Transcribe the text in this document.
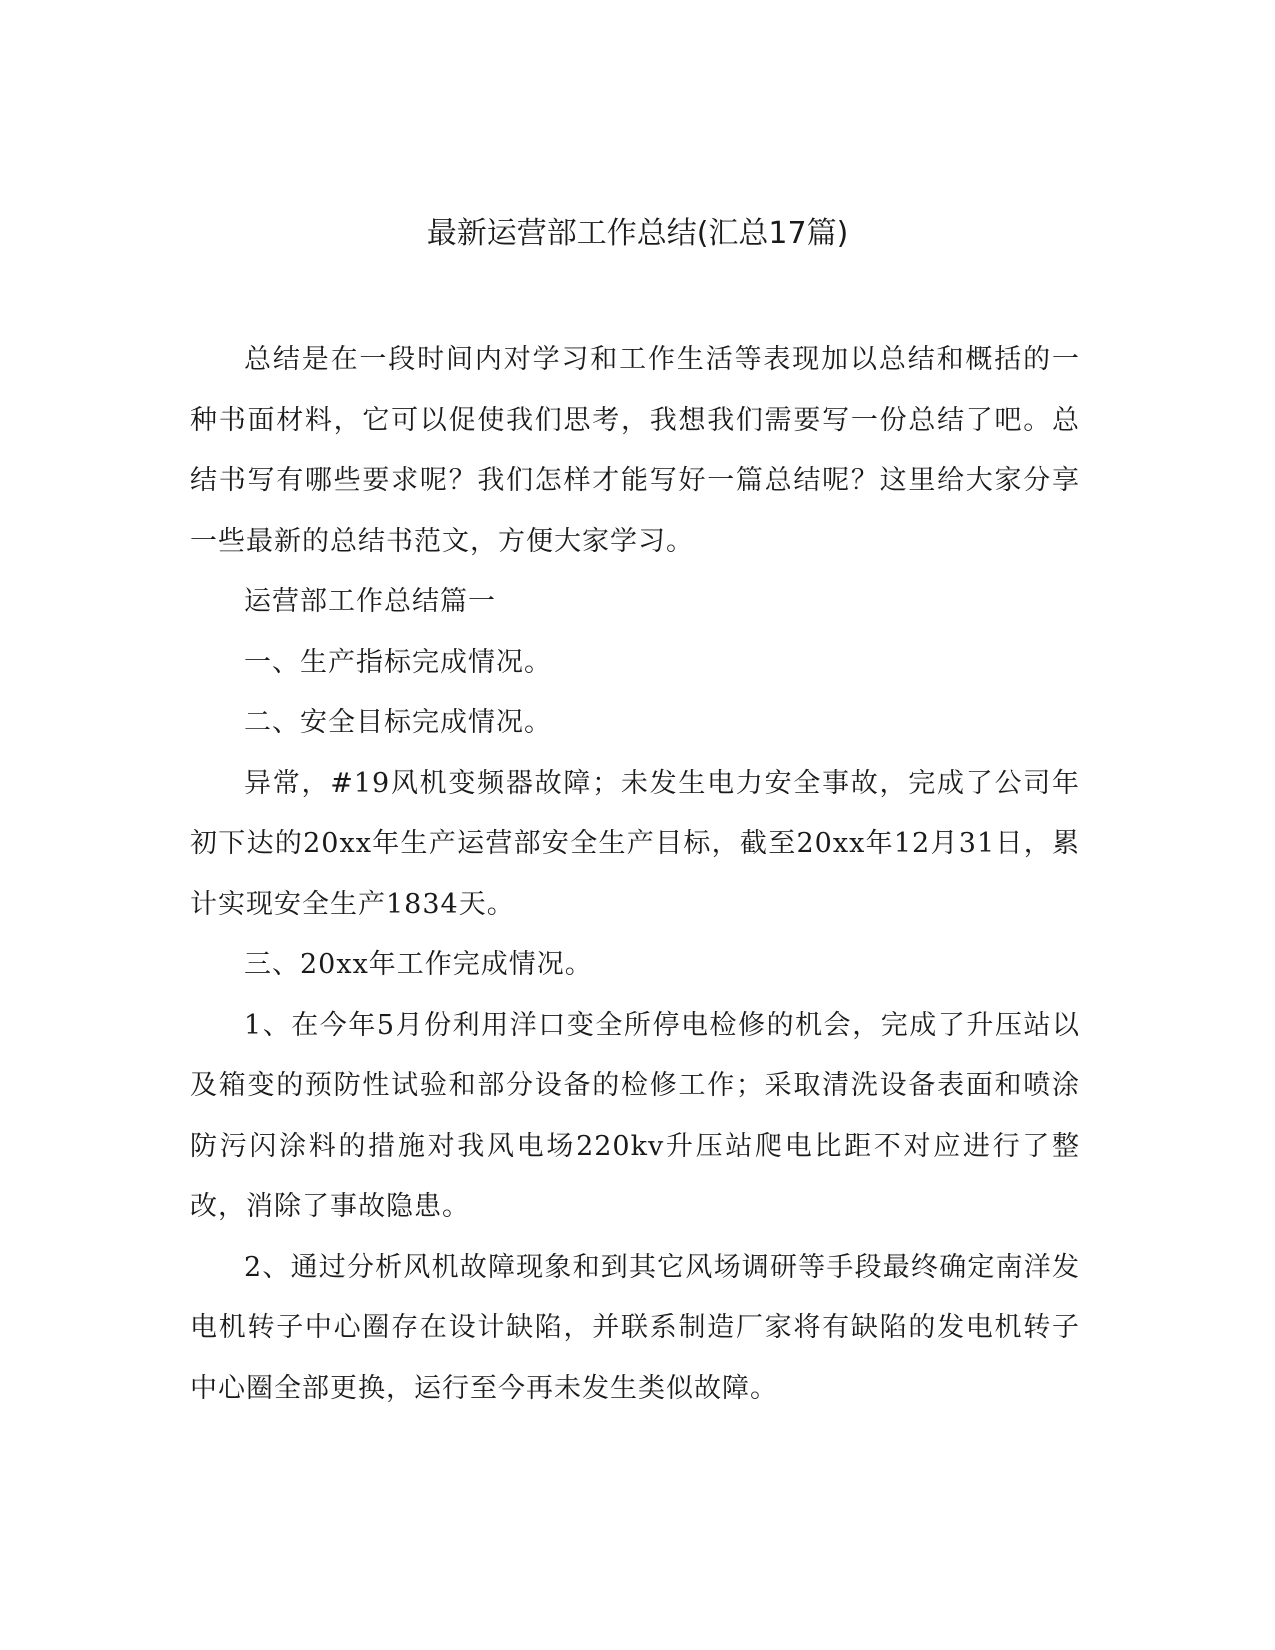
最新运营部工作总结(汇总17篇)

总结是在一段时间内对学习和工作生活等表现加以总结和概括的一种书面材料，它可以促使我们思考，我想我们需要写一份总结了吧。总结书写有哪些要求呢？我们怎样才能写好一篇总结呢？这里给大家分享一些最新的总结书范文，方便大家学习。

运营部工作总结篇一

一、生产指标完成情况。

二、安全目标完成情况。

异常，#19风机变频器故障；未发生电力安全事故，完成了公司年初下达的20xx年生产运营部安全生产目标，截至20xx年12月31日，累计实现安全生产1834天。

三、20xx年工作完成情况。

1、在今年5月份利用洋口变全所停电检修的机会，完成了升压站以及箱变的预防性试验和部分设备的检修工作；采取清洗设备表面和喷涂防污闪涂料的措施对我风电场220kv升压站爬电比距不对应进行了整改，消除了事故隐患。

2、通过分析风机故障现象和到其它风场调研等手段最终确定南洋发电机转子中心圈存在设计缺陷，并联系制造厂家将有缺陷的发电机转子中心圈全部更换，运行至今再未发生类似故障。
